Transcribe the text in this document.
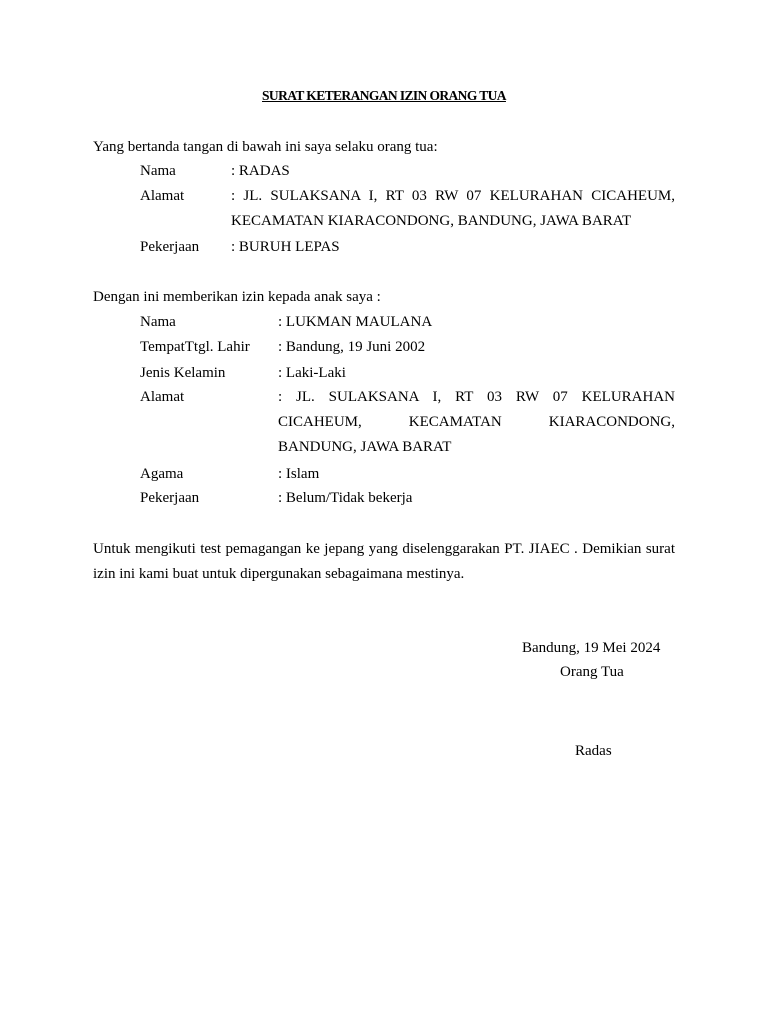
SURAT KETERANGAN IZIN ORANG TUA
Yang bertanda tangan di bawah ini saya selaku orang tua:
Nama	: RADAS
Alamat	: JL. SULAKSANA I, RT 03 RW 07 KELURAHAN CICAHEUM,
KECAMATAN KIARACONDONG, BANDUNG, JAWA BARAT
Pekerjaan : BURUH LEPAS
Dengan ini memberikan izin kepada anak saya :
Nama	: LUKMAN MAULANA
TempatTtgl. Lahir : Bandung, 19 Juni 2002
Jenis Kelamin	: Laki-Laki
Alamat	: JL. SULAKSANA I, RT 03 RW 07 KELURAHAN
CICAHEUM, KECAMATAN KIARACONDONG,
BANDUNG, JAWA BARAT
Agama	: Islam
Pekerjaan	: Belum/Tidak bekerja
Untuk mengikuti test pemagangan ke jepang yang diselenggarakan PT. JIAEC . Demikian surat izin ini kami buat untuk dipergunakan sebagaimana mestinya.
Bandung, 19 Mei 2024
Orang Tua
Radas
